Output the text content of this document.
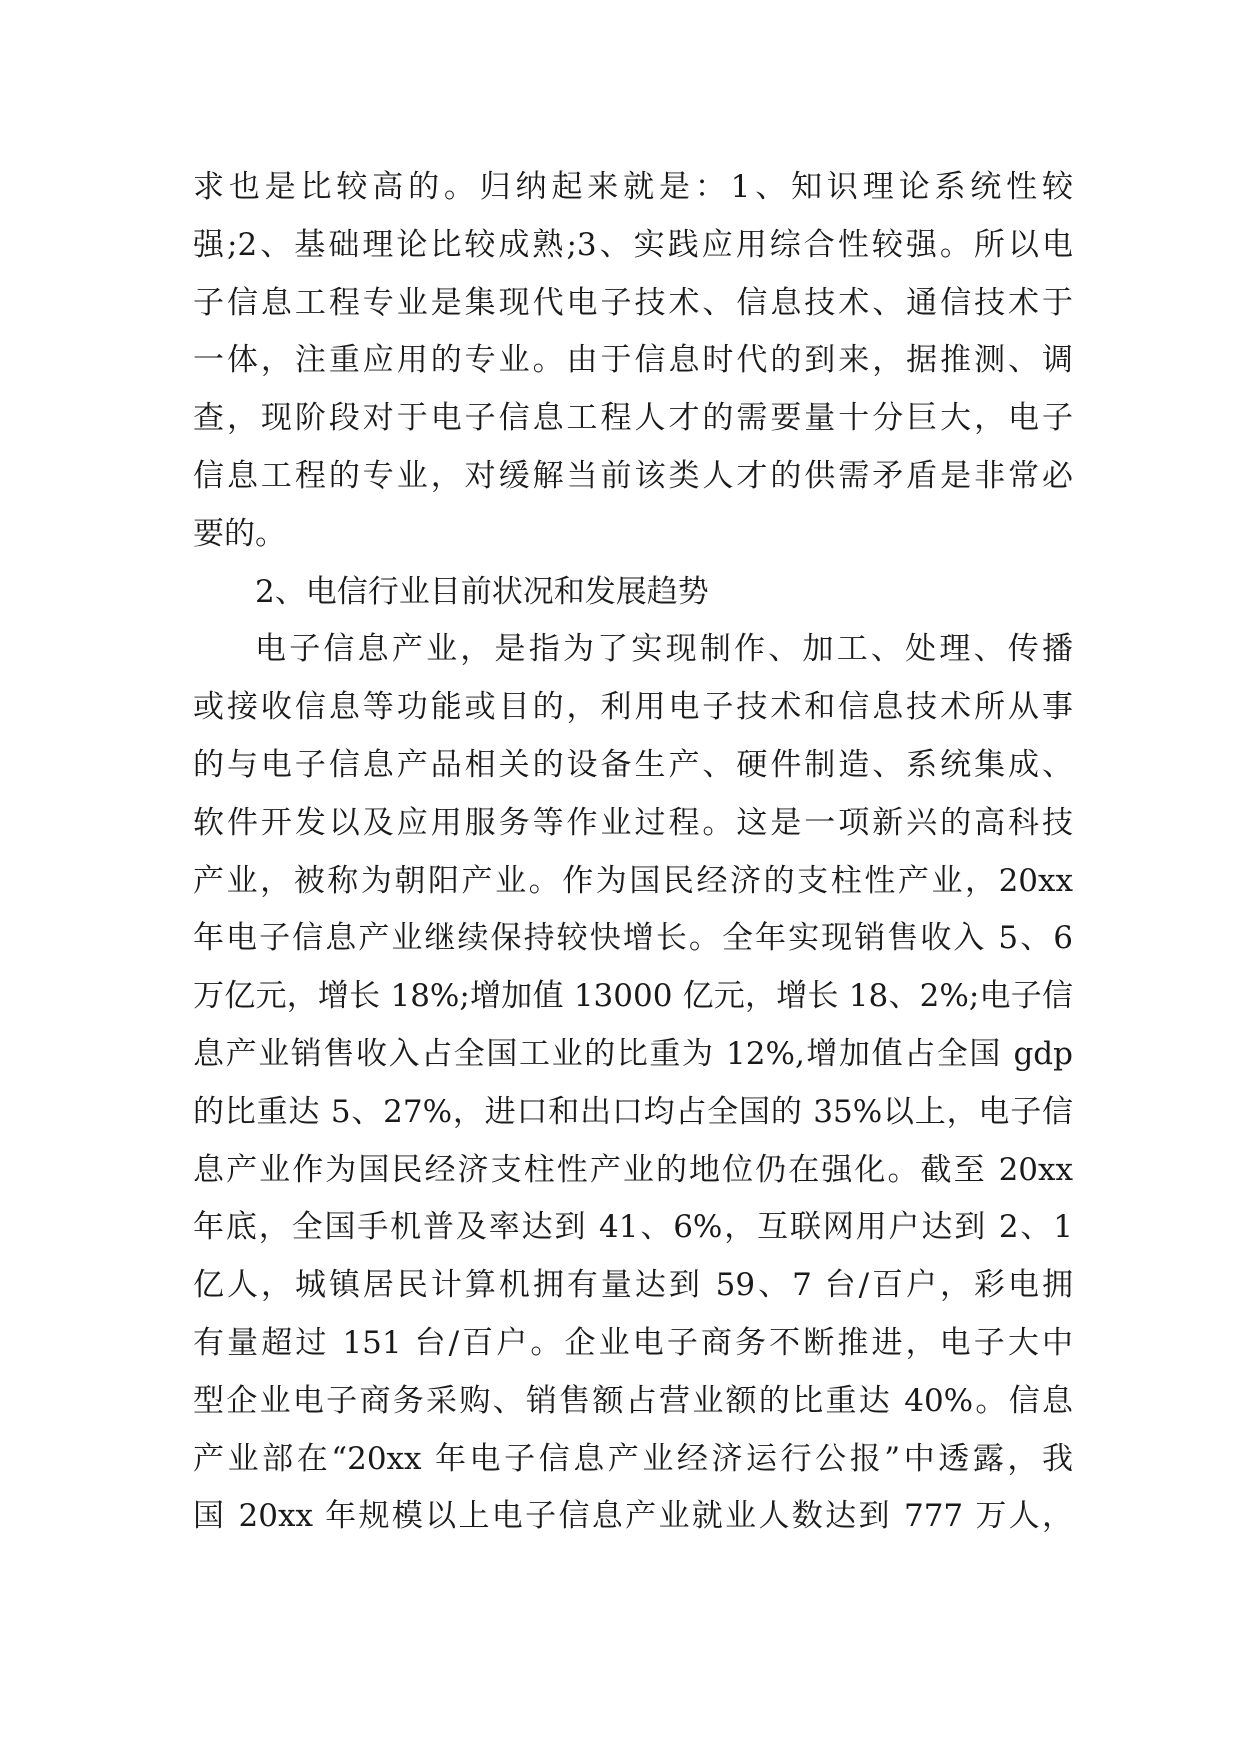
求也是比较高的。归纳起来就是：1、知识理论系统性较
强;2、基础理论比较成熟;3、实践应用综合性较强。所以电
子信息工程专业是集现代电子技术、信息技术、通信技术于
一体，注重应用的专业。由于信息时代的到来，据推测、调
查，现阶段对于电子信息工程人才的需要量十分巨大，电子
信息工程的专业，对缓解当前该类人才的供需矛盾是非常必
要的。
2、电信行业目前状况和发展趋势
电子信息产业，是指为了实现制作、加工、处理、传播
或接收信息等功能或目的，利用电子技术和信息技术所从事
的与电子信息产品相关的设备生产、硬件制造、系统集成、
软件开发以及应用服务等作业过程。这是一项新兴的高科技
产业，被称为朝阳产业。作为国民经济的支柱性产业，20xx
年电子信息产业继续保持较快增长。全年实现销售收入 5、6
万亿元，增长 18%;增加值 13000 亿元，增长 18、2%;电子信
息产业销售收入占全国工业的比重为 12%,增加值占全国 gdp
的比重达 5、27%，进口和出口均占全国的 35%以上，电子信
息产业作为国民经济支柱性产业的地位仍在强化。截至 20xx
年底，全国手机普及率达到 41、6%，互联网用户达到 2、1
亿人，城镇居民计算机拥有量达到 59、7 台/百户，彩电拥
有量超过 151 台/百户。企业电子商务不断推进，电子大中
型企业电子商务采购、销售额占营业额的比重达 40%。信息
产业部在“20xx 年电子信息产业经济运行公报”中透露，我
国 20xx 年规模以上电子信息产业就业人数达到 777 万人，
